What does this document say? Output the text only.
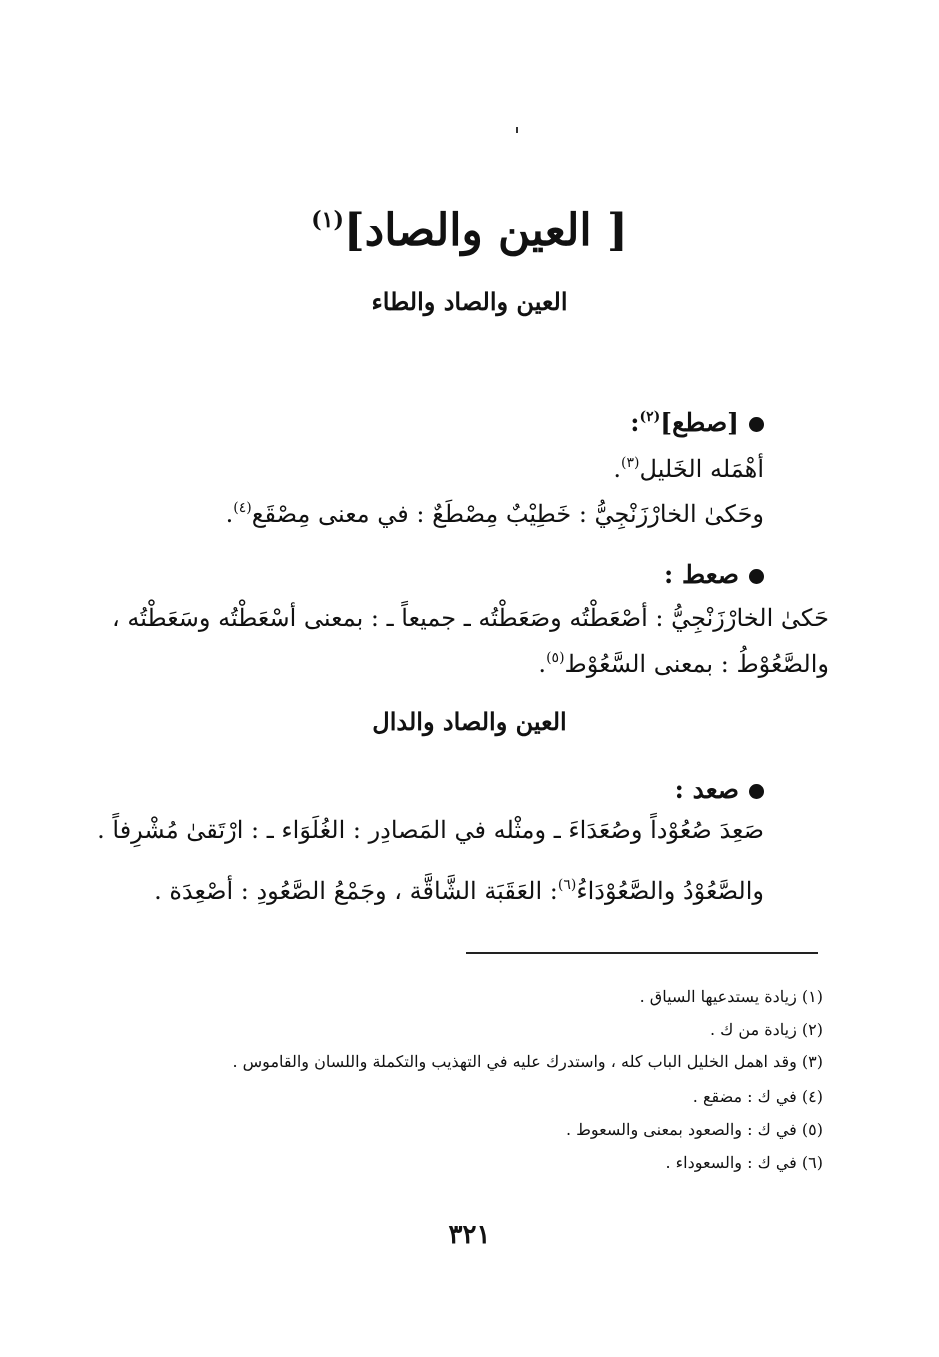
[ العين والصاد]$^{(١)}$
العين والصاد والطاء
[صطع]$^{(٢)}$:
أهْمَله الخَليل$^{(٣)}$.
وحَكىٰ الخارْزَنْجِيُّ : خَطِيْبٌ مِصْطَعٌ : في معنى مِصْقَع$^{(٤)}$.
صعط :
حَكىٰ الخارْزَنْجِيُّ : أصْعَطْتُه وصَعَطْتُه ـ جميعاً ـ : بمعنى أسْعَطْتُه وسَعَطْتُه ،
والصَّعُوْطُ : بمعنى السَّعُوْط$^{(٥)}$.
العين والصاد والدال
صعد :
صَعِدَ صُعُوْداً وصُعَدَاءَ ـ ومثْله في المَصادِر : الغُلَوَاء ـ : ارْتَقىٰ مُشْرِفاً .
والصَّعُوْدُ والصَّعُوْدَاءُ$^{(٦)}$: العَقَبَة الشَّاقَّة ، وجَمْعُ الصَّعُودِ : أصْعِدَة .
(١) زيادة يستدعيها السياق .
(٢) زيادة من ك .
(٣) وقد اهمل الخليل الباب كله ، واستدرك عليه في التهذيب والتكملة واللسان والقاموس .
(٤) في ك : مضقع .
(٥) في ك : والصعود بمعنى والسعوط .
(٦) في ك : والسعوداء .
٣٢١
